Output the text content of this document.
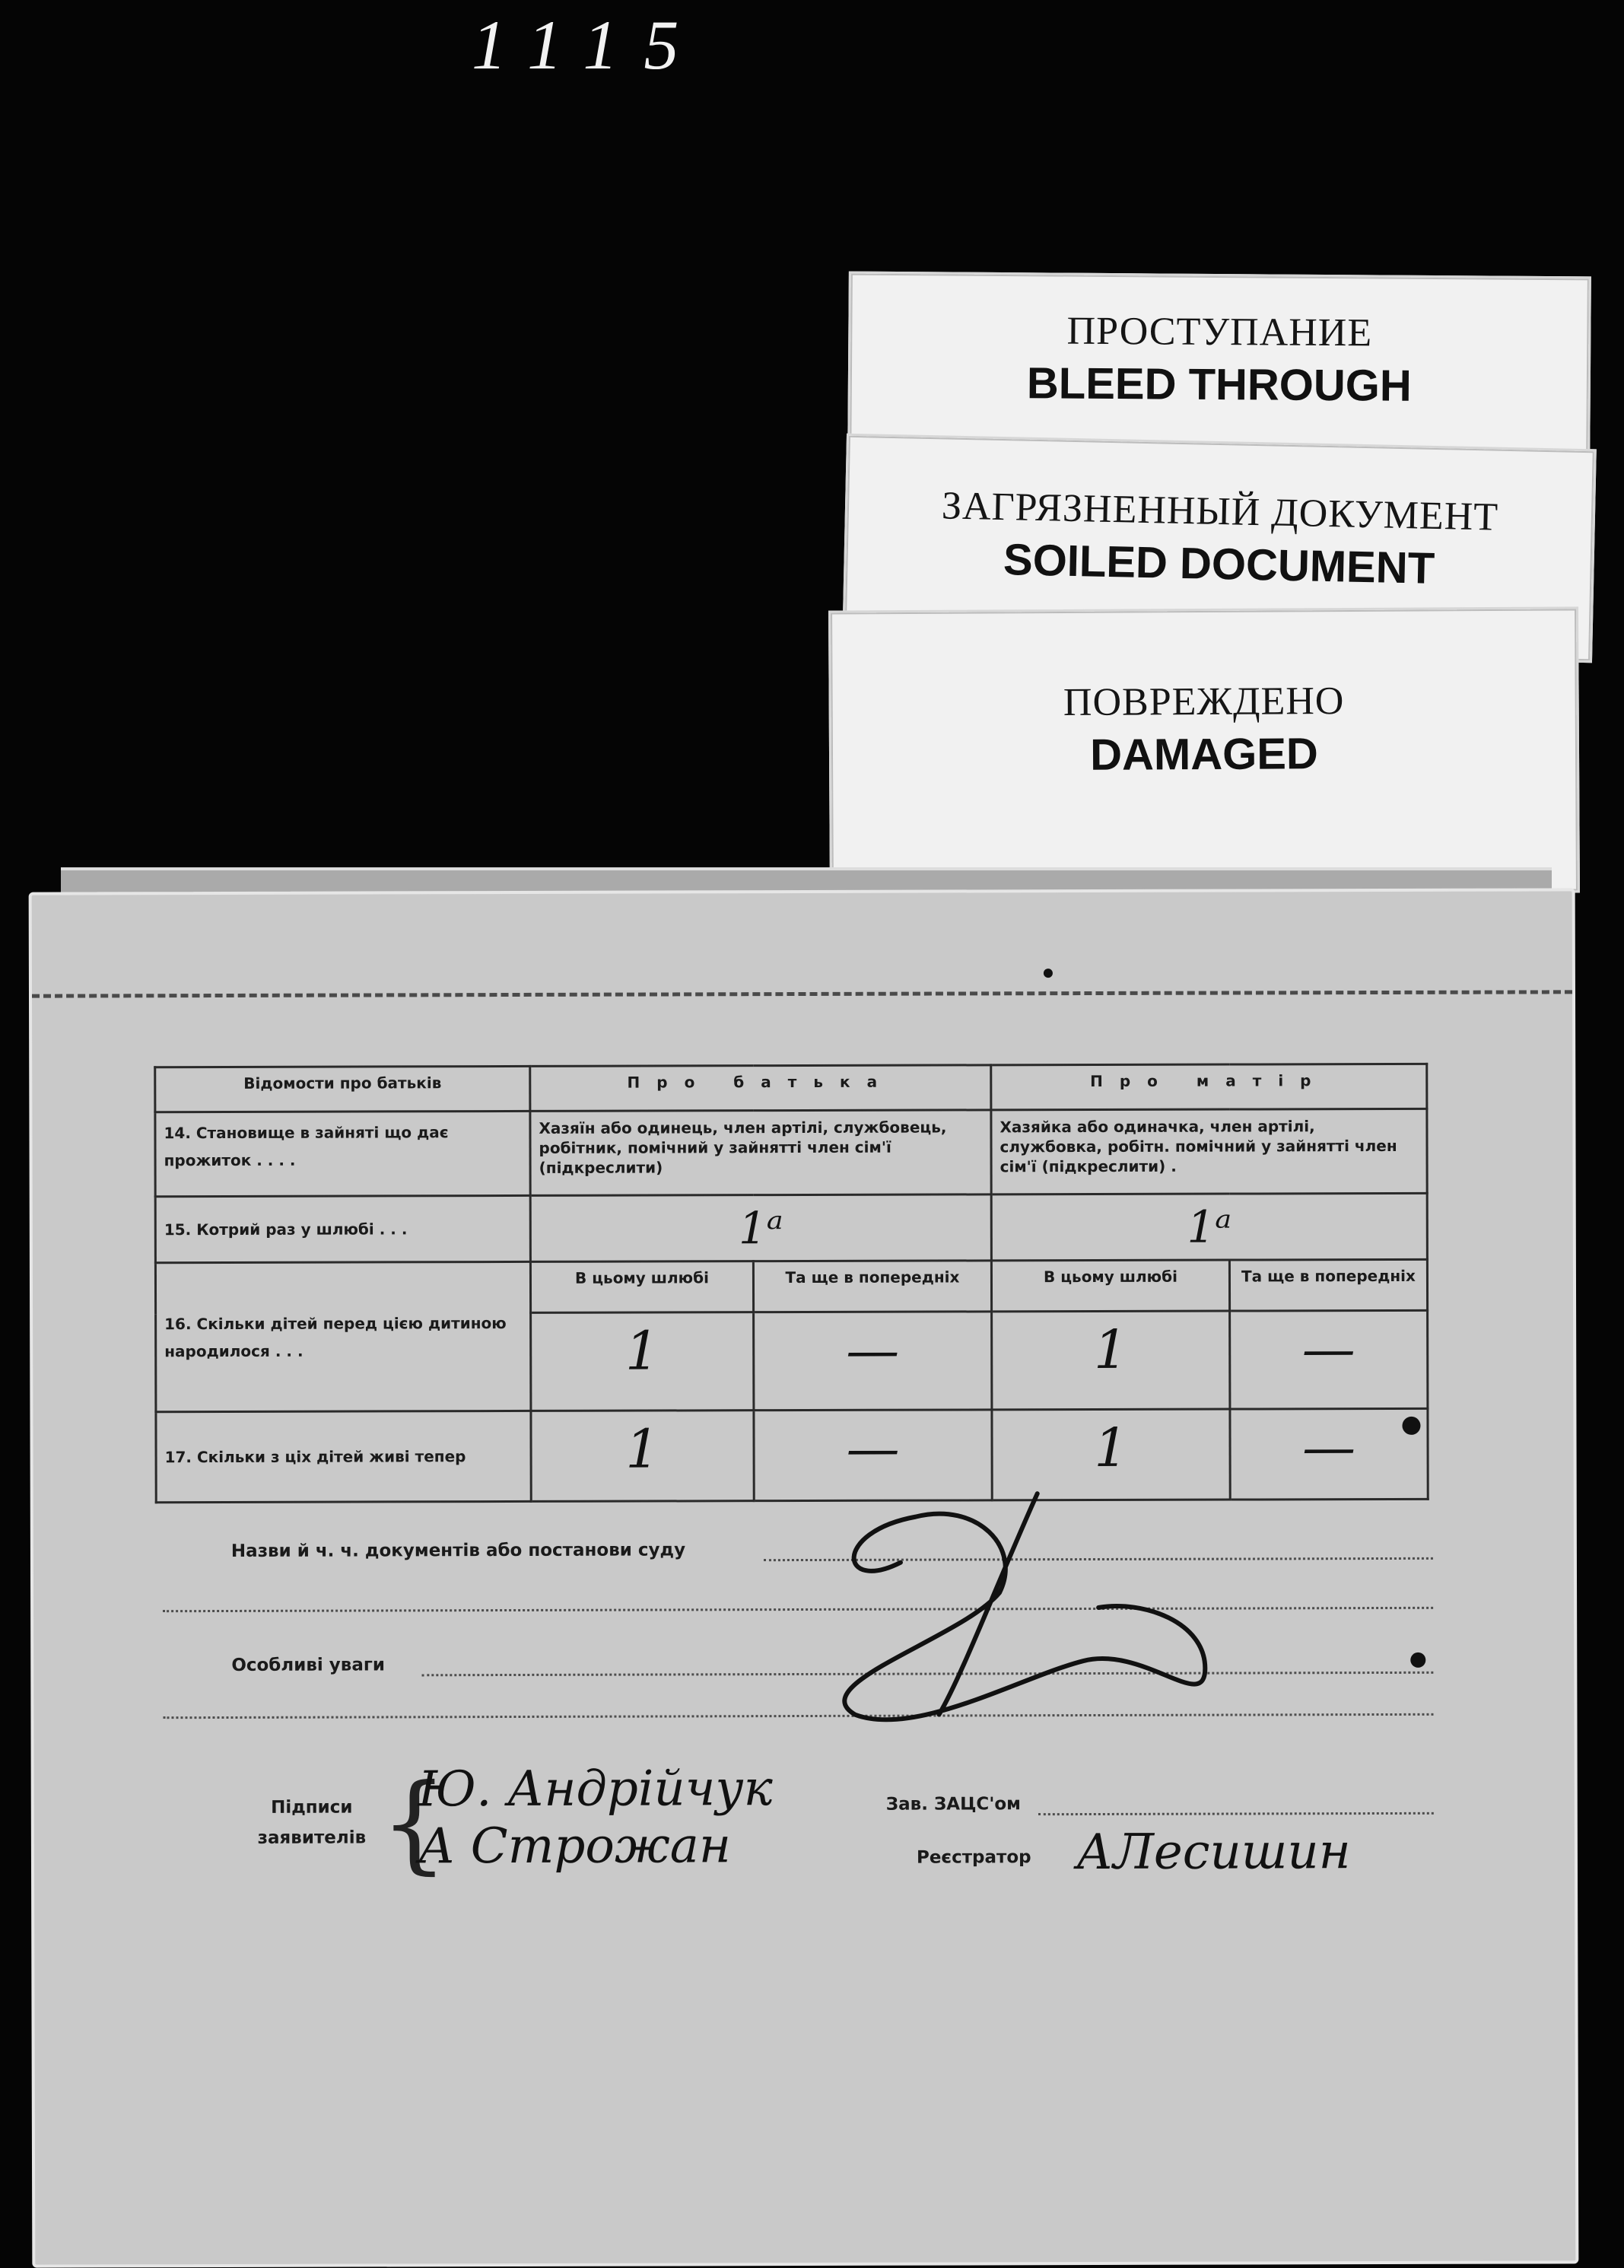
1115
ПРОСТУПАНИЕ
BLEED THROUGH
ЗАГРЯЗНЕННЫЙ ДОКУМЕНТ
SOILED DOCUMENT
ПОВРЕЖДЕНО
DAMAGED
Відомости про батьків	Про батька		Про матір	
14. Становище в зайняті що дає прожиток . . . .	Хазяїн або одинець, член артілі, службовець, робітник, помічний у зайнятті член сім'ї (підкреслити)		Хазяйка або одиначка, член артілі, службовка, робітн. помічний у зайнятті член сім'ї (підкреслити) .	
15. Котрий раз у шлюбі . . .	1ᵃ		1ᵃ	

16. Скільки дітей перед цією дитиною народилося . . .	В цьому шлюбі	Та ще в попередніх	В цьому шлюбі	Та ще в попередніх

	1	—	1	—

17. Скільки з ціх дітей живі тепер	1	—	1	—
Назви й ч. ч. документів або постанови суду
Особливі уваги
Підписи заявителів {
Ю. Андрійчук
А Строжан
Зав. ЗАЦС'ом
Реєстратор АЛесишин
